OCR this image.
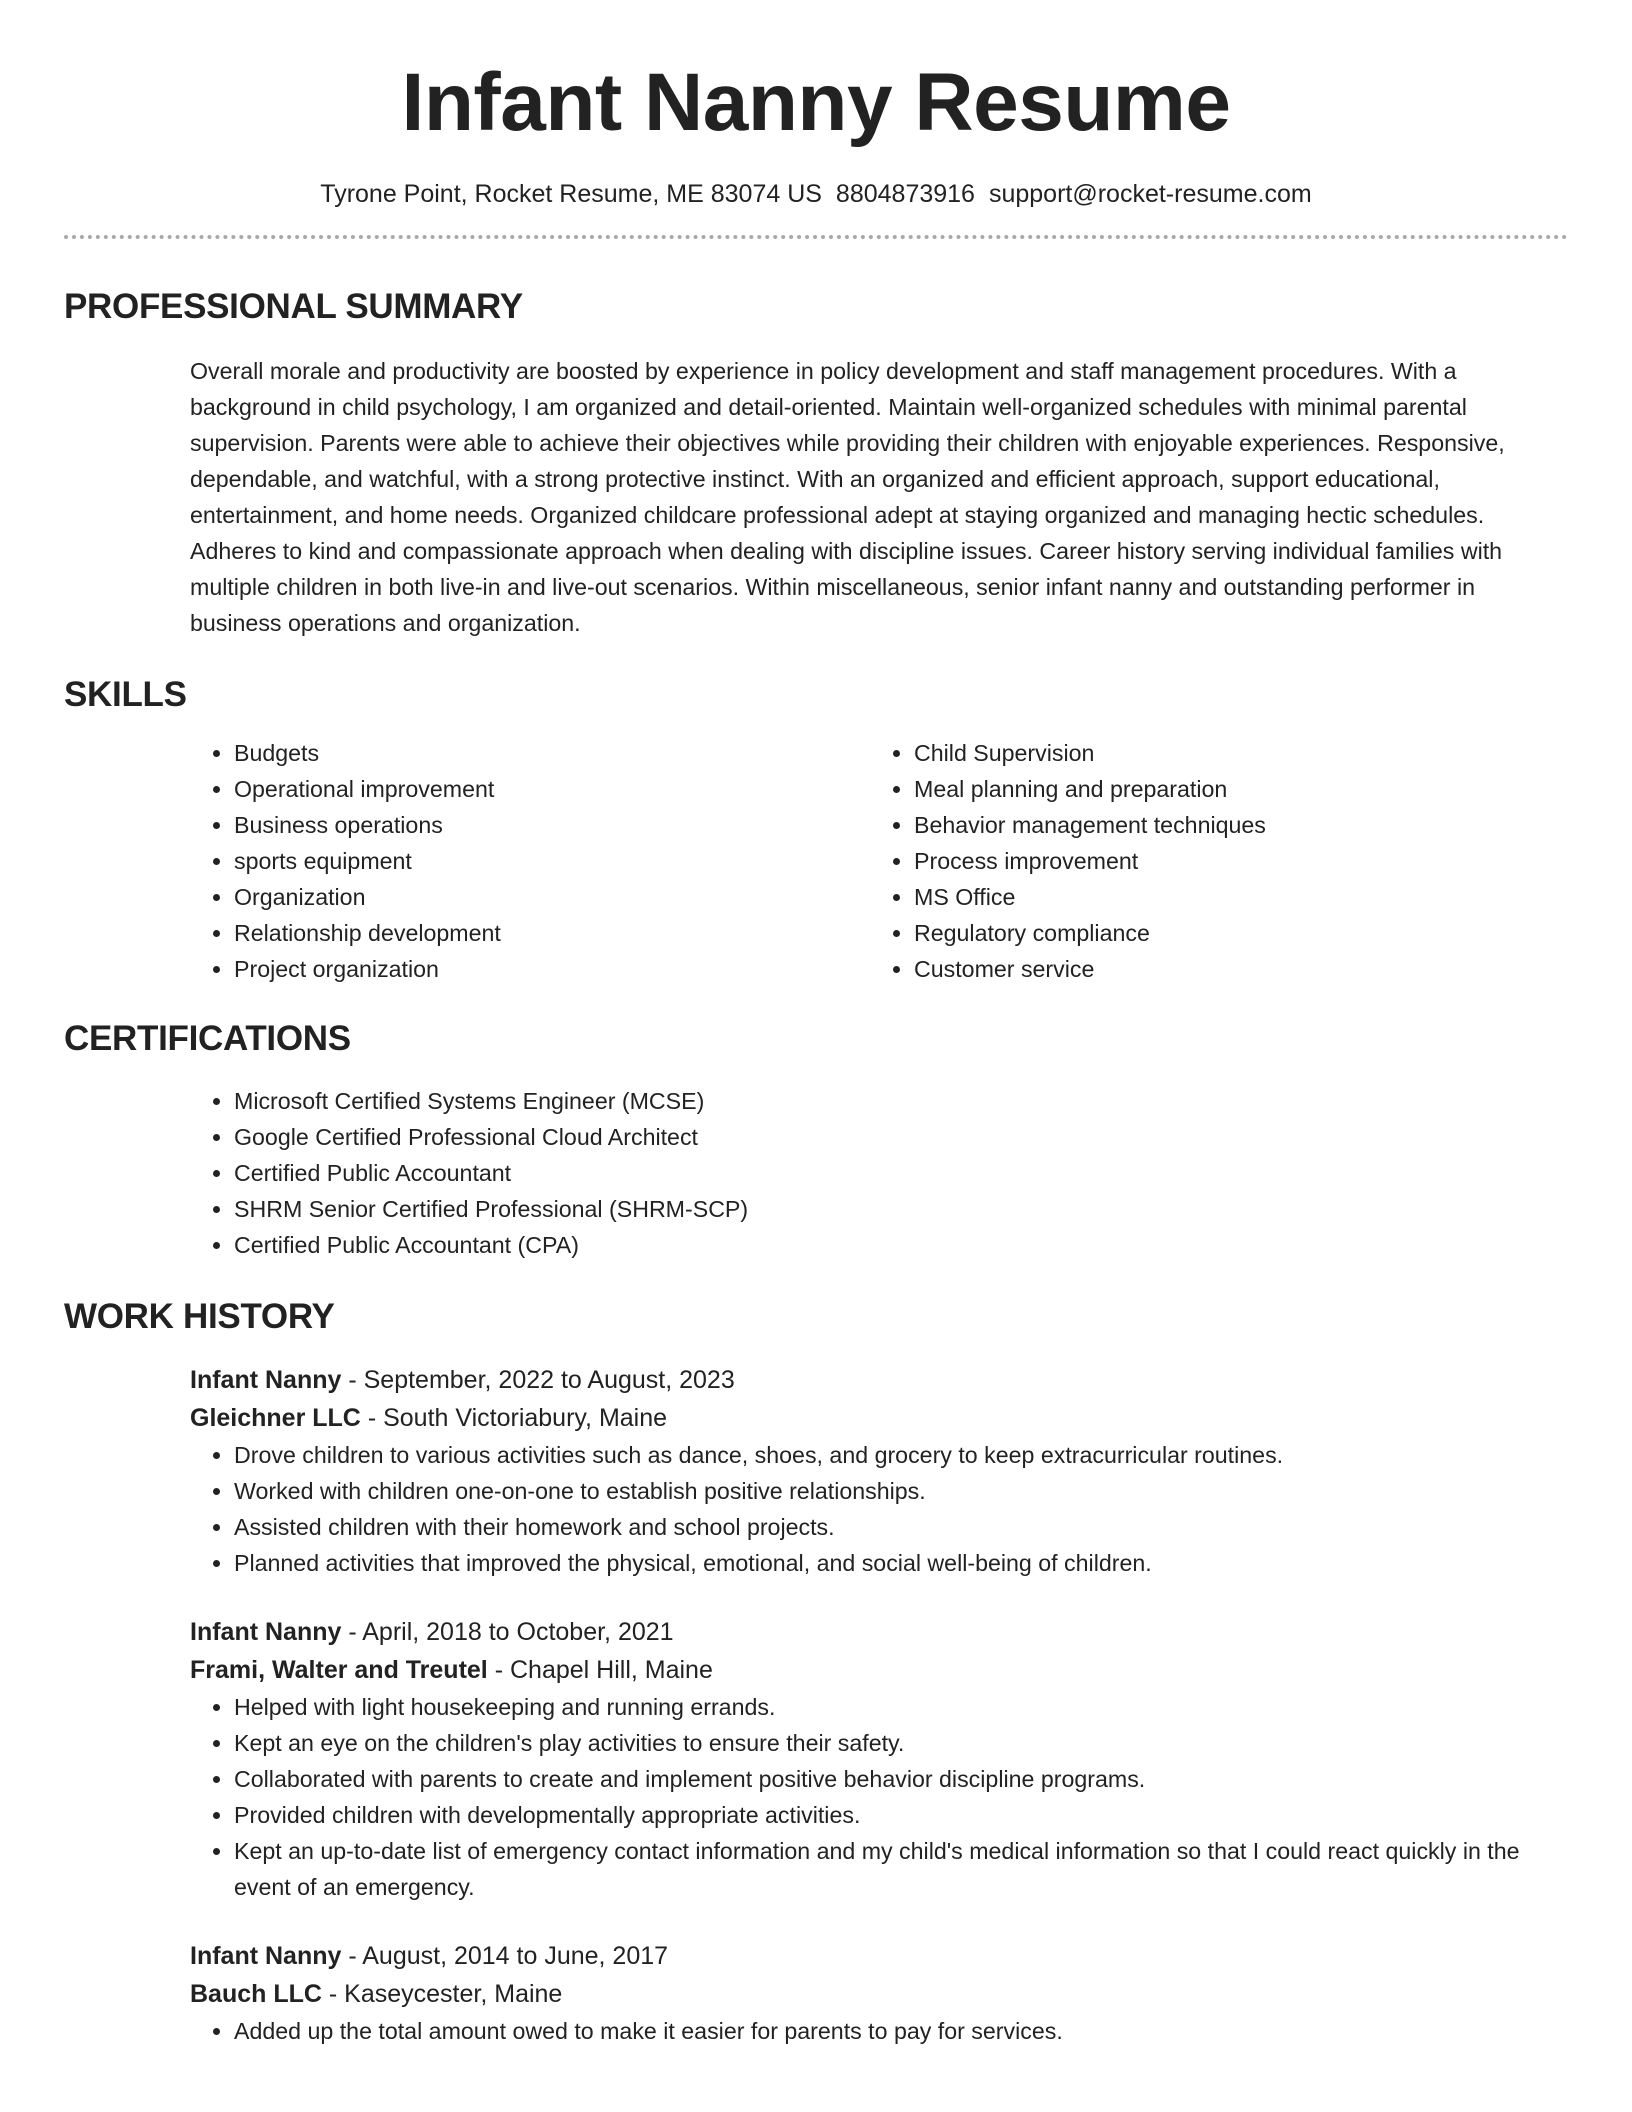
Infant Nanny Resume
Tyrone Point, Rocket Resume, ME 83074 US 8804873916 support@rocket-resume.com
PROFESSIONAL SUMMARY

Overall morale and productivity are boosted by experience in policy development and staff management procedures. With a background in child psychology, I am organized and detail-oriented. Maintain well-organized schedules with minimal parental supervision. Parents were able to achieve their objectives while providing their children with enjoyable experiences. Responsive, dependable, and watchful, with a strong protective instinct. With an organized and efficient approach, support educational, entertainment, and home needs. Organized childcare professional adept at staying organized and managing hectic schedules. Adheres to kind and compassionate approach when dealing with discipline issues. Career history serving individual families with multiple children in both live-in and live-out scenarios. Within miscellaneous, senior infant nanny and outstanding performer in business operations and organization.

SKILLS
• Budgets
• Operational improvement
• Business operations
• sports equipment
• Organization
• Relationship development
• Project organization
• Child Supervision
• Meal planning and preparation
• Behavior management techniques
• Process improvement
• MS Office
• Regulatory compliance
• Customer service
CERTIFICATIONS
• Microsoft Certified Systems Engineer (MCSE)
• Google Certified Professional Cloud Architect
• Certified Public Accountant
• SHRM Senior Certified Professional (SHRM-SCP)
• Certified Public Accountant (CPA)
WORK HISTORY
Infant Nanny - September, 2022 to August, 2023
Gleichner LLC - South Victoriabury, Maine
• Drove children to various activities such as dance, shoes, and grocery to keep extracurricular routines.
• Worked with children one-on-one to establish positive relationships.
• Assisted children with their homework and school projects.
• Planned activities that improved the physical, emotional, and social well-being of children.
Infant Nanny - April, 2018 to October, 2021
Frami, Walter and Treutel - Chapel Hill, Maine
• Helped with light housekeeping and running errands.
• Kept an eye on the children's play activities to ensure their safety.
• Collaborated with parents to create and implement positive behavior discipline programs.
• Provided children with developmentally appropriate activities.
• Kept an up-to-date list of emergency contact information and my child's medical information so that I could react quickly in the event of an emergency.
Infant Nanny - August, 2014 to June, 2017
Bauch LLC - Kaseycester, Maine
• Added up the total amount owed to make it easier for parents to pay for services.
